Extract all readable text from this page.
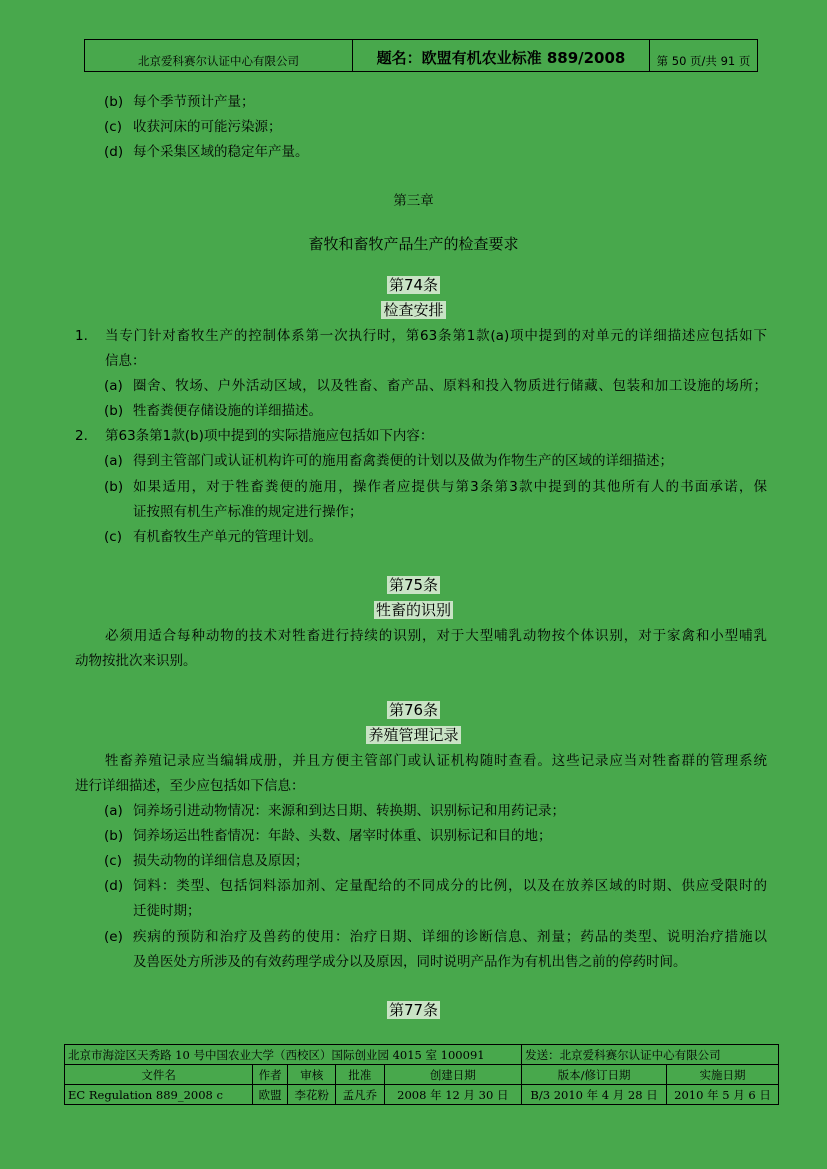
北京爱科赛尔认证中心有限公司	题名：欧盟有机农业标准 889/2008	第 50 页/共 91 页
(b) 每个季节预计产量；
(c) 收获河床的可能污染源；
(d) 每个采集区域的稳定年产量。
第三章
畜牧和畜牧产品生产的检查要求
第74条
检查安排
1. 当专门针对畜牧生产的控制体系第一次执行时，第63条第1款(a)项中提到的对单元的详细描述应包括如下
信息：
(a) 圈舍、牧场、户外活动区域，以及牲畜、畜产品、原料和投入物质进行储藏、包装和加工设施的场所；
(b) 牲畜粪便存储设施的详细描述。
2. 第63条第1款(b)项中提到的实际措施应包括如下内容：
(a) 得到主管部门或认证机构许可的施用畜禽粪便的计划以及做为作物生产的区域的详细描述；
(b) 如果适用，对于牲畜粪便的施用，操作者应提供与第3条第3款中提到的其他所有人的书面承诺，保
证按照有机生产标准的规定进行操作；
(c) 有机畜牧生产单元的管理计划。
第75条
牲畜的识别
必须用适合每种动物的技术对牲畜进行持续的识别，对于大型哺乳动物按个体识别，对于家禽和小型哺乳
动物按批次来识别。
第76条
养殖管理记录
牲畜养殖记录应当编辑成册，并且方便主管部门或认证机构随时查看。这些记录应当对牲畜群的管理系统
进行详细描述，至少应包括如下信息：
(a) 饲养场引进动物情况：来源和到达日期、转换期、识别标记和用药记录；
(b) 饲养场运出牲畜情况：年龄、头数、屠宰时体重、识别标记和目的地；
(c) 损失动物的详细信息及原因；
(d) 饲料：类型、包括饲料添加剂、定量配给的不同成分的比例，以及在放养区域的时期、供应受限时的
迁徙时期；
(e) 疾病的预防和治疗及兽药的使用：治疗日期、详细的诊断信息、剂量；药品的类型、说明治疗措施以
及兽医处方所涉及的有效药理学成分以及原因，同时说明产品作为有机出售之前的停药时间。
第77条
北京市海淀区天秀路 10 号中国农业大学（西校区）国际创业园 4015 室 100091					发送：北京爱科赛尔认证中心有限公司	
文件名	作者	审核	批准	创建日期	版本/修订日期	实施日期
EC Regulation 889_2008 c	欧盟	李花粉	孟凡乔	2008 年 12 月 30 日	B/3 2010 年 4 月 28 日	2010 年 5 月 6 日
